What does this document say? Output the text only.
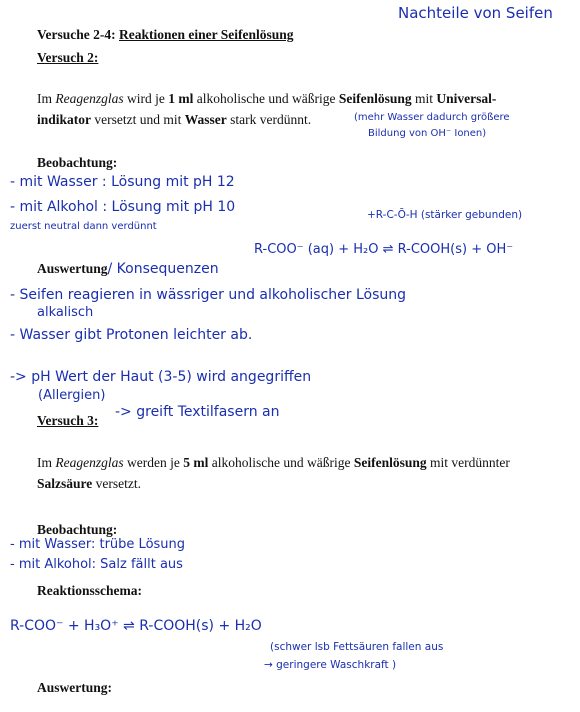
Nachteile von Seifen
Versuche 2-4: Reaktionen einer Seifenlösung
Versuch 2:
Im Reagenzglas wird je 1 ml alkoholische und wäßrige Seifenlösung mit Universal-
indikator versetzt und mit Wasser stark verdünnt.	(mehr Wasser dadurch größere
Bildung von OH⁻ Ionen)
Beobachtung:
- mit Wasser : Lösung mit pH 12
- mit Alkohol : Lösung mit pH 10
zuerst neutral dann verdünnt
+R-C-Ō-H (stärker gebunden)
R-COO⁻ (aq) + H₂O ⇌ R-COOH(s) + OH⁻
Auswertung/ Konsequenzen
- Seifen reagieren in wässriger und alkoholischer Lösung
alkalisch
- Wasser gibt Protonen leichter ab.
-> pH Wert der Haut (3-5) wird angegriffen
(Allergien)
-> greift Textilfasern an
Versuch 3:
Im Reagenzglas werden je 5 ml alkoholische und wäßrige Seifenlösung mit verdünnter
Salzsäure versetzt.
Beobachtung:
- mit Wasser: trübe Lösung
- mit Alkohol: Salz fällt aus
Reaktionsschema:
R-COO⁻ + H₃O⁺ ⇌ R-COOH(s) + H₂O
(schwer lsb Fettsäuren fallen aus
→ geringere Waschkraft )
Auswertung:
